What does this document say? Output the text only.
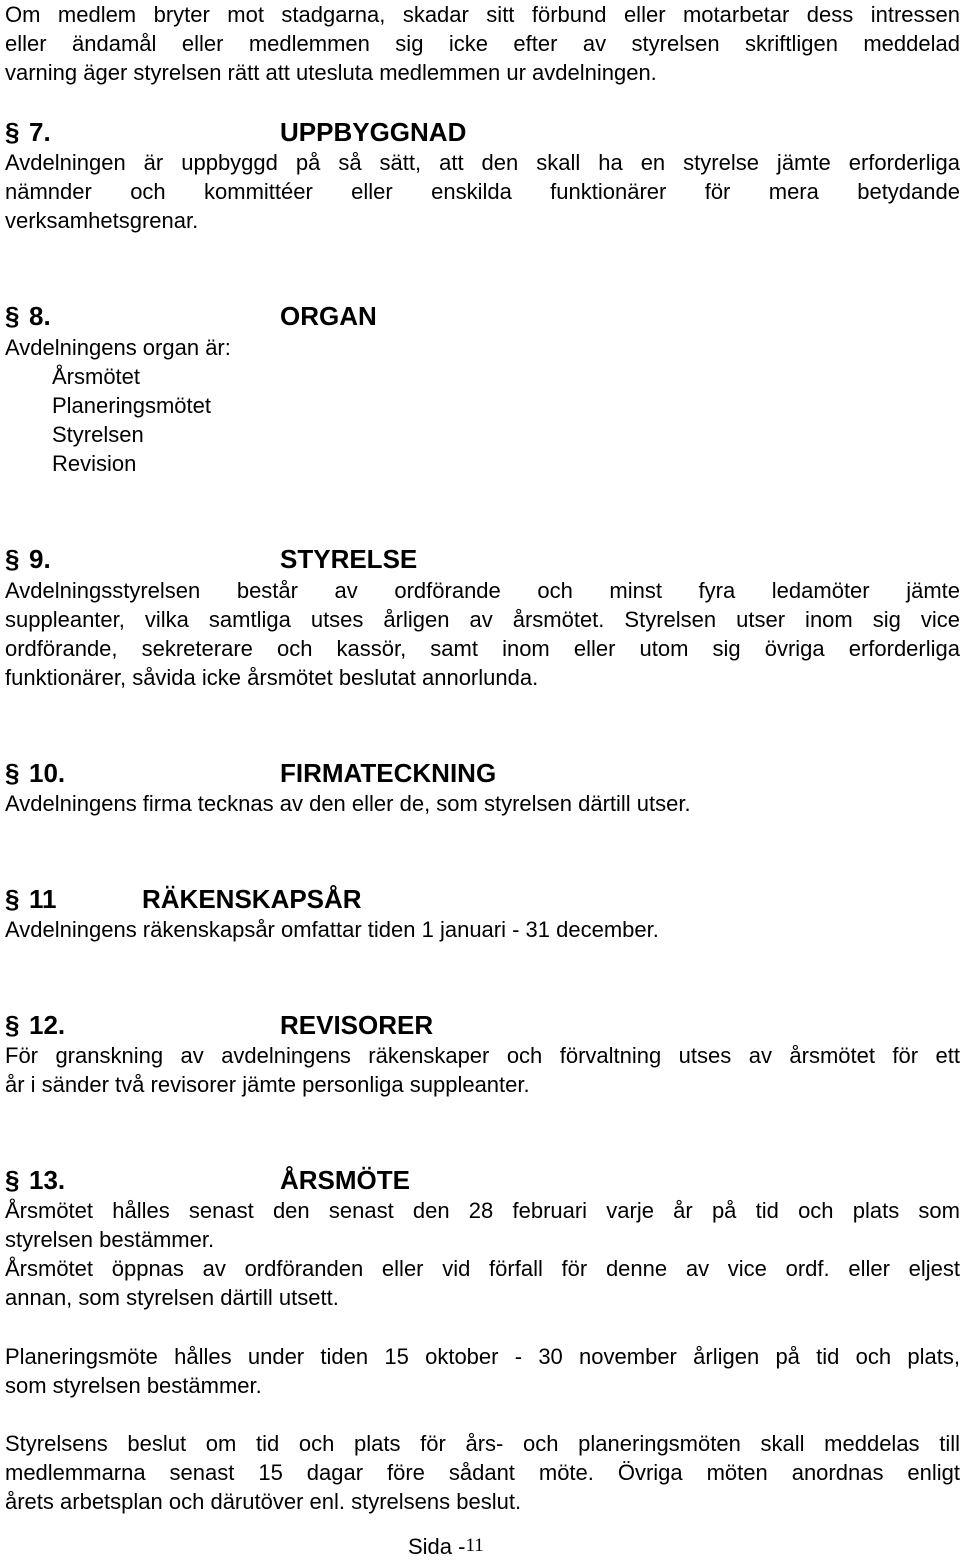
Om medlem bryter mot stadgarna, skadar sitt förbund eller motarbetar dess intressen
eller ändamål eller medlemmen sig icke efter av styrelsen skriftligen meddelad
varning äger styrelsen rätt att utesluta medlemmen ur avdelningen.
§ 7.	UPPBYGGNAD
Avdelningen är uppbyggd på så sätt, att den skall ha en styrelse jämte erforderliga
nämnder och kommittéer eller enskilda funktionärer för mera betydande
verksamhetsgrenar.
§ 8.	ORGAN
Avdelningens organ är:
Årsmötet
Planeringsmötet
Styrelsen
Revision
§ 9.	STYRELSE
Avdelningsstyrelsen består av ordförande och minst fyra ledamöter jämte
suppleanter, vilka samtliga utses årligen av årsmötet. Styrelsen utser inom sig vice
ordförande, sekreterare och kassör, samt inom eller utom sig övriga erforderliga
funktionärer, såvida icke årsmötet beslutat annorlunda.
§ 10.	FIRMATECKNING
Avdelningens firma tecknas av den eller de, som styrelsen därtill utser.
§ 11	RÄKENSKAPSÅR
Avdelningens räkenskapsår omfattar tiden 1 januari - 31 december.
§ 12.	REVISORER
För granskning av avdelningens räkenskaper och förvaltning utses av årsmötet för ett
år i sänder två revisorer jämte personliga suppleanter.
§ 13.	ÅRSMÖTE
Årsmötet hålles senast den senast den 28 februari varje år på tid och plats som
styrelsen bestämmer.
Årsmötet öppnas av ordföranden eller vid förfall för denne av vice ordf. eller eljest
annan, som styrelsen därtill utsett.
Planeringsmöte hålles under tiden 15 oktober - 30 november årligen på tid och plats,
som styrelsen bestämmer.
Styrelsens beslut om tid och plats för års- och planeringsmöten skall meddelas till
medlemmarna senast 15 dagar före sådant möte. Övriga möten anordnas enligt
årets arbetsplan och därutöver enl. styrelsens beslut.
Sida -11
